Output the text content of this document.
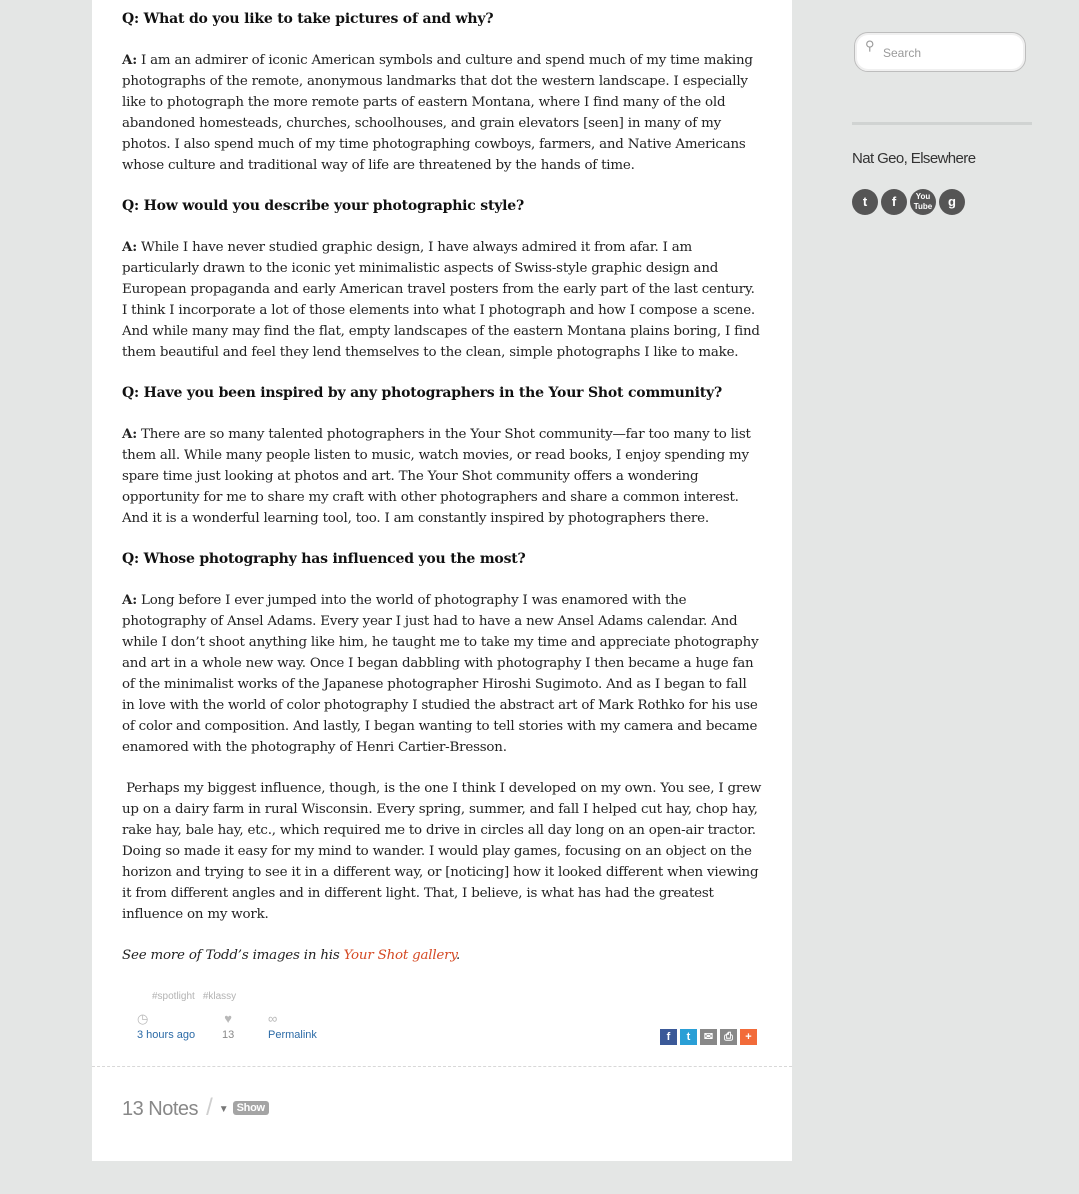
Q: What do you like to take pictures of and why?

A: I am an admirer of iconic American symbols and culture and spend much of my time making photographs of the remote, anonymous landmarks that dot the western landscape. I especially like to photograph the more remote parts of eastern Montana, where I find many of the old abandoned homesteads, churches, schoolhouses, and grain elevators [seen] in many of my photos. I also spend much of my time photographing cowboys, farmers, and Native Americans whose culture and traditional way of life are threatened by the hands of time.

Q: How would you describe your photographic style?

A: While I have never studied graphic design, I have always admired it from afar. I am particularly drawn to the iconic yet minimalistic aspects of Swiss-style graphic design and European propaganda and early American travel posters from the early part of the last century. I think I incorporate a lot of those elements into what I photograph and how I compose a scene. And while many may find the flat, empty landscapes of the eastern Montana plains boring, I find them beautiful and feel they lend themselves to the clean, simple photographs I like to make.

Q: Have you been inspired by any photographers in the Your Shot community?

A: There are so many talented photographers in the Your Shot community—far too many to list them all. While many people listen to music, watch movies, or read books, I enjoy spending my spare time just looking at photos and art. The Your Shot community offers a wondering opportunity for me to share my craft with other photographers and share a common interest. And it is a wonderful learning tool, too. I am constantly inspired by photographers there.

Q: Whose photography has influenced you the most?

A: Long before I ever jumped into the world of photography I was enamored with the photography of Ansel Adams. Every year I just had to have a new Ansel Adams calendar. And while I don’t shoot anything like him, he taught me to take my time and appreciate photography and art in a whole new way. Once I began dabbling with photography I then became a huge fan of the minimalist works of the Japanese photographer Hiroshi Sugimoto. And as I began to fall in love with the world of color photography I studied the abstract art of Mark Rothko for his use of color and composition. And lastly, I began wanting to tell stories with my camera and became enamored with the photography of Henri Cartier-Bresson.

Perhaps my biggest influence, though, is the one I think I developed on my own. You see, I grew up on a dairy farm in rural Wisconsin. Every spring, summer, and fall I helped cut hay, chop hay, rake hay, bale hay, etc., which required me to drive in circles all day long on an open-air tractor. Doing so made it easy for my mind to wander. I would play games, focusing on an object on the horizon and trying to see it in a different way, or [noticing] how it looked different when viewing it from different angles and in different light. That, I believe, is what has had the greatest influence on my work.

See more of Todd’s images in his Your Shot gallery.

#spotlight #klassy
◷
3 hours ago
♥
13
∞
Permalink	f	t	✉ ⎙	+
13 Notes / ▼ Show
⚲
Search
Nat Geo, Elsewhere
t	f	You Tube	g
